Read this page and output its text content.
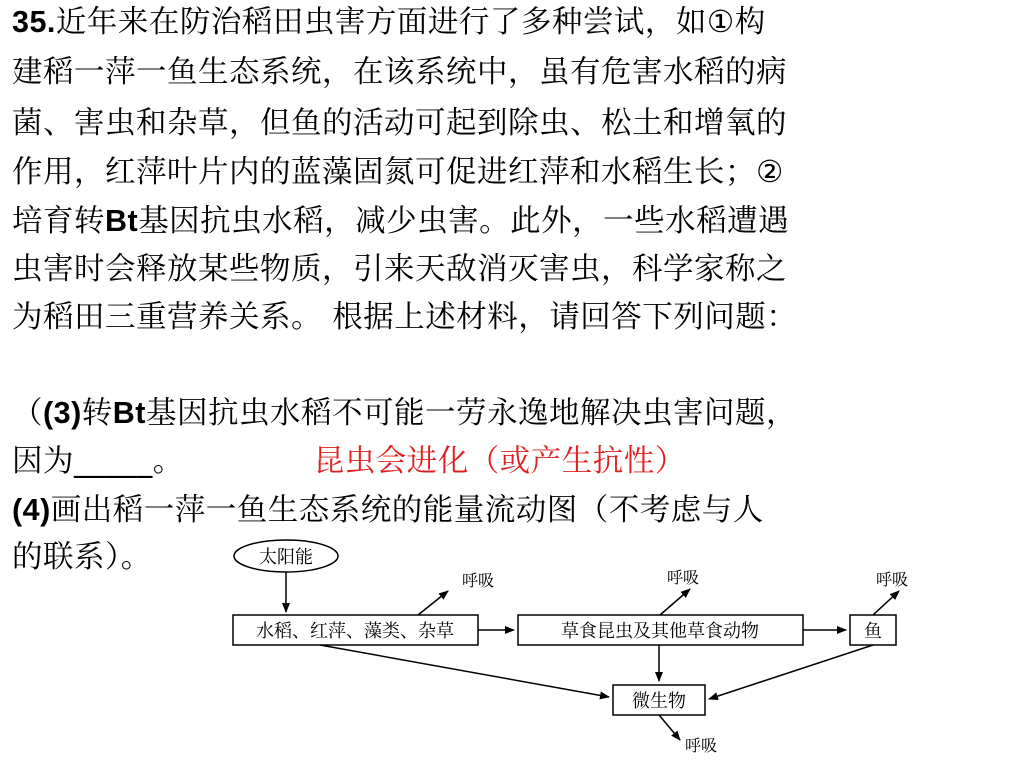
35.近年来在防治稻田虫害方面进行了多种尝试，如①构
建稻一萍一鱼生态系统，在该系统中，虽有危害水稻的病
菌、害虫和杂草，但鱼的活动可起到除虫、松土和增氧的
作用，红萍叶片内的蓝藻固氮可促进红萍和水稻生长；②
培育转Bt基因抗虫水稻，减少虫害。此外，一些水稻遭遇
虫害时会释放某些物质，引来天敌消灭害虫，科学家称之
为稻田三重营养关系。 根据上述材料，请回答下列问题：
（(3)转Bt基因抗虫水稻不可能一劳永逸地解决虫害问题，
因为_____。	昆虫会进化（或产生抗性）
(4)画出稻一萍一鱼生态系统的能量流动图（不考虑与人
的联系）。	太阳能
水稻、红萍、藻类、杂草
呼吸
草食昆虫及其他草食动物
呼吸
鱼
呼吸
微生物
呼吸
